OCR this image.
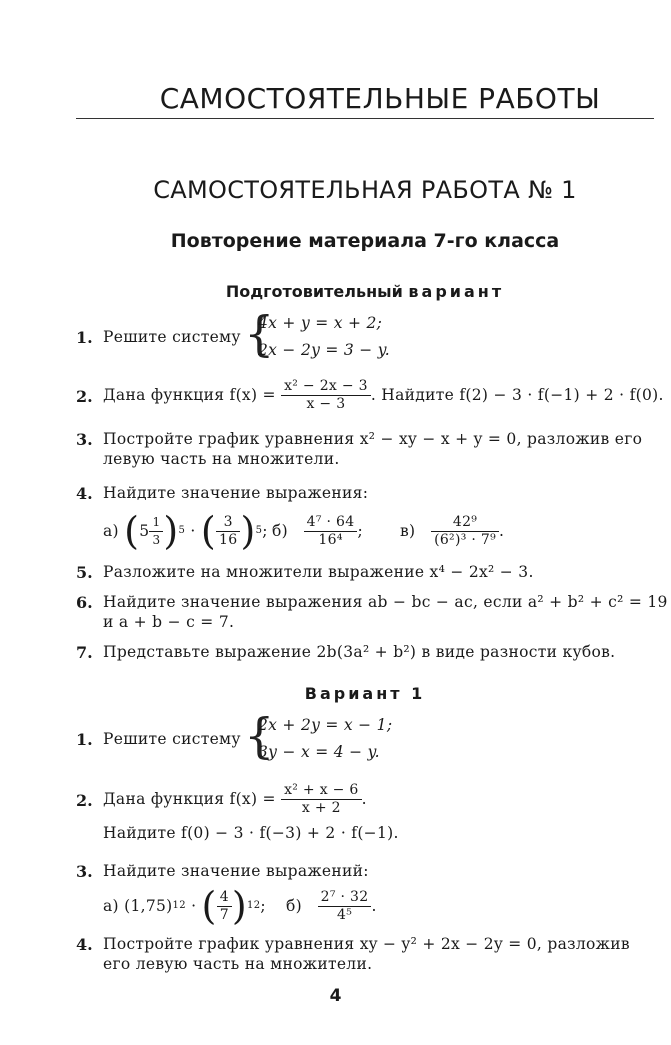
САМОСТОЯТЕЛЬНЫЕ РАБОТЫ
САМОСТОЯТЕЛЬНАЯ РАБОТА № 1
Повторение материала 7-го класса
Подготовительный вариант
1. Решите систему {
4x + y = x + 2;
2x − 2y = 3 − y.
2. Дана функция
f(x) =
$\frac{\text{x² − 2x − 3}}{x - 3}$ . Найдите f(2) − 3 · f(−1) + 2 · f(0).
3. Постройте график уравнения x² − xy − x + y = 0, разложив его
левую часть на множители.
4. Найдите значение выражения:
а)
( $5 \frac{1}{3}$ ) 5 · ( $\frac{3}{16}$ ) 5 ; б)
$\frac{\text{4⁷ · 64}}{\text{16⁴}}$ ; в)
$\frac{\text{42⁹}}{\text{(6²)³ · 7⁹}}$ .
5. Разложите на множители выражение x⁴ − 2x² − 3.
6. Найдите значение выражения ab − bc − ac, если a² + b² + c² = 19
и a + b − c = 7.
7. Представьте выражение 2b(3a² + b²) в виде разности кубов.
Вариант 1
1. Решите систему {
2x + 2y = x − 1;
3y − x = 4 − y.
2. Дана функция
f(x) =
$\frac{\text{x² + x − 6}}{x + 2}$ .
Найдите f(0) − 3 · f(−3) + 2 · f(−1).
3. Найдите значение выражений:
а) (1,75) 12 · ( $\frac{4}{7}$ ) 12 ; б)
$\frac{\text{2⁷ · 32}}{\text{4⁵}}$ .
4. Постройте график уравнения xy − y² + 2x − 2y = 0, разложив
его левую часть на множители.
4
